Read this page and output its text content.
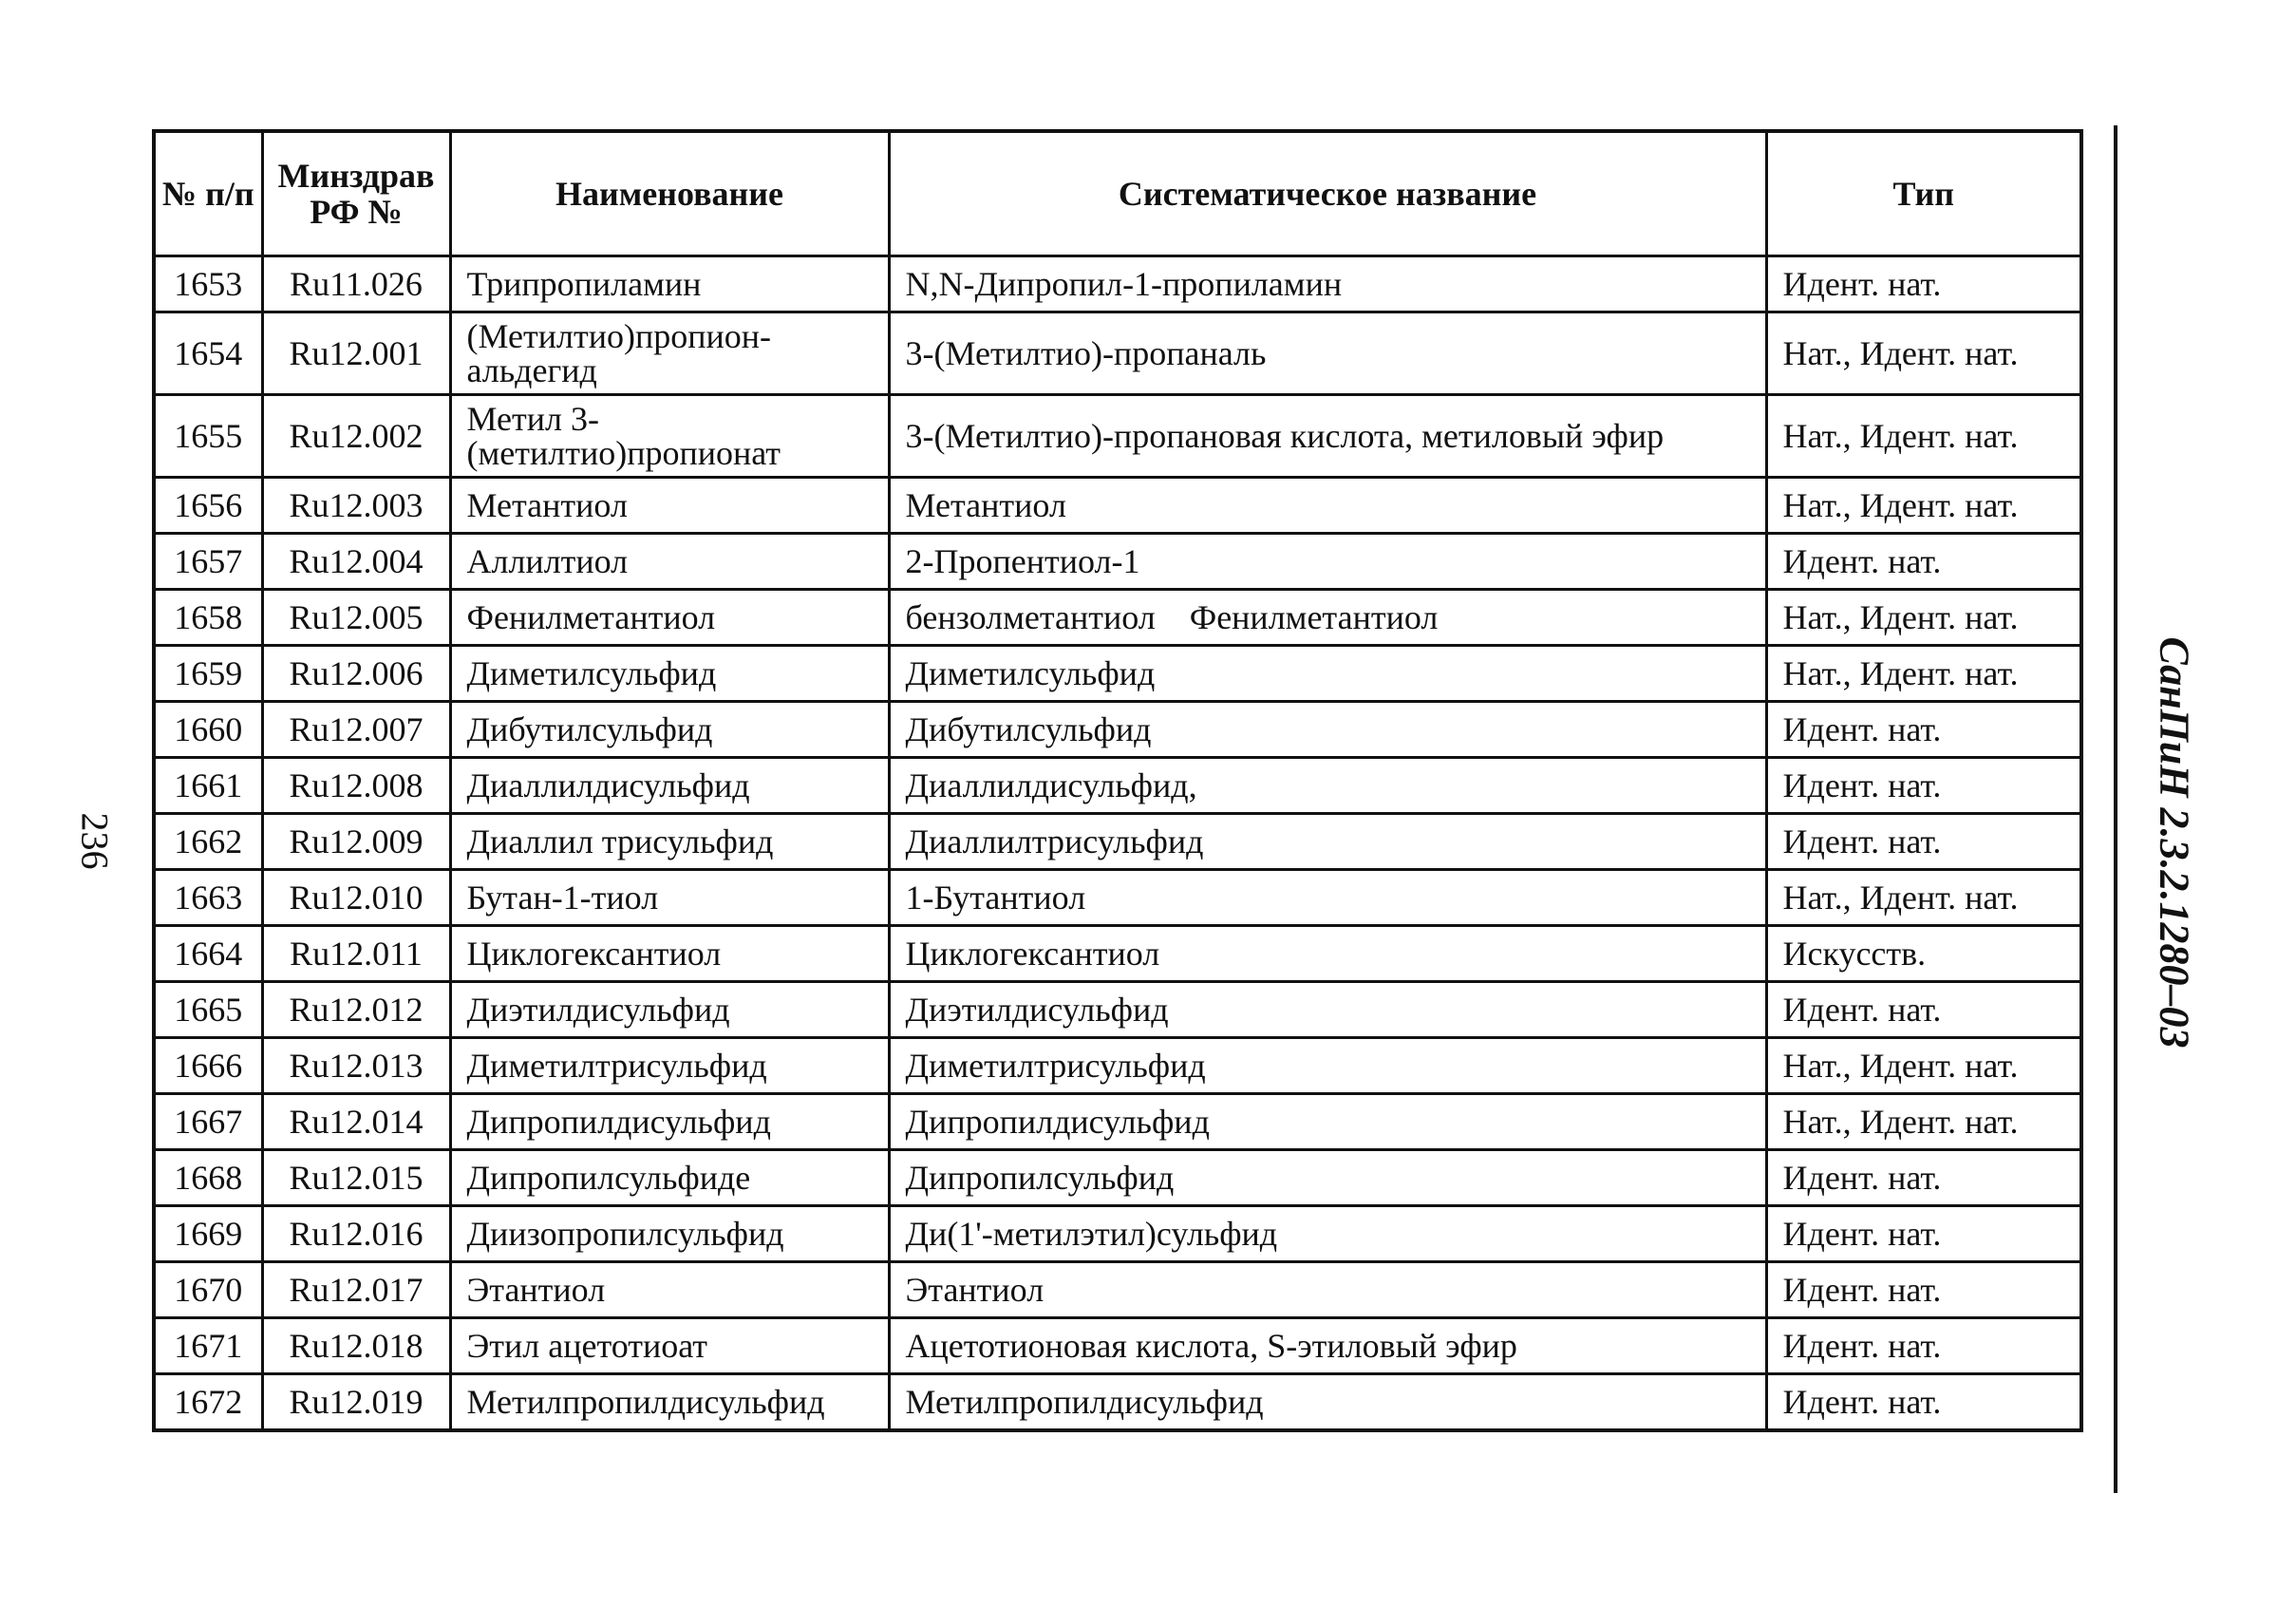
236
№ п/п	Минздрав РФ №	Наименование	Систематическое название	Тип
1653	Ru11.026	Трипропиламин	N,N-Дипропил-1-пропиламин	Идент. нат.
1654	Ru12.001	(Метилтио)пропион-альдегид	3-(Метилтио)-пропаналь	Нат., Идент. нат.
1655	Ru12.002	Метил 3-(метилтио)пропионат	3-(Метилтио)-пропановая кислота, метиловый эфир	Нат., Идент. нат.
1656	Ru12.003	Метантиол	Метантиол	Нат., Идент. нат.
1657	Ru12.004	Аллилтиол	2-Пропентиол-1	Идент. нат.
1658	Ru12.005	Фенилметантиол	бензолметантиол    Фенилметантиол	Нат., Идент. нат.
1659	Ru12.006	Диметилсульфид	Диметилсульфид	Нат., Идент. нат.
1660	Ru12.007	Дибутилсульфид	Дибутилсульфид	Идент. нат.
1661	Ru12.008	Диаллилдисульфид	Диаллилдисульфид,	Идент. нат.
1662	Ru12.009	Диаллил трисульфид	Диаллилтрисульфид	Идент. нат.
1663	Ru12.010	Бутан-1-тиол	1-Бутантиол	Нат., Идент. нат.
1664	Ru12.011	Циклогексантиол	Циклогексантиол	Искусств.
1665	Ru12.012	Диэтилдисульфид	Диэтилдисульфид	Идент. нат.
1666	Ru12.013	Диметилтрисульфид	Диметилтрисульфид	Нат., Идент. нат.
1667	Ru12.014	Дипропилдисульфид	Дипропилдисульфид	Нат., Идент. нат.
1668	Ru12.015	Дипропилсульфиде	Дипропилсульфид	Идент. нат.
1669	Ru12.016	Диизопропилсульфид	Ди(1'-метилэтил)сульфид	Идент. нат.
1670	Ru12.017	Этантиол	Этантиол	Идент. нат.
1671	Ru12.018	Этил ацетотиоат	Ацетотионовая кислота, S-этиловый эфир	Идент. нат.
1672	Ru12.019	Метилпропилдисульфид	Метилпропилдисульфид	Идент. нат.
СанПиН 2.3.2.1280–03
